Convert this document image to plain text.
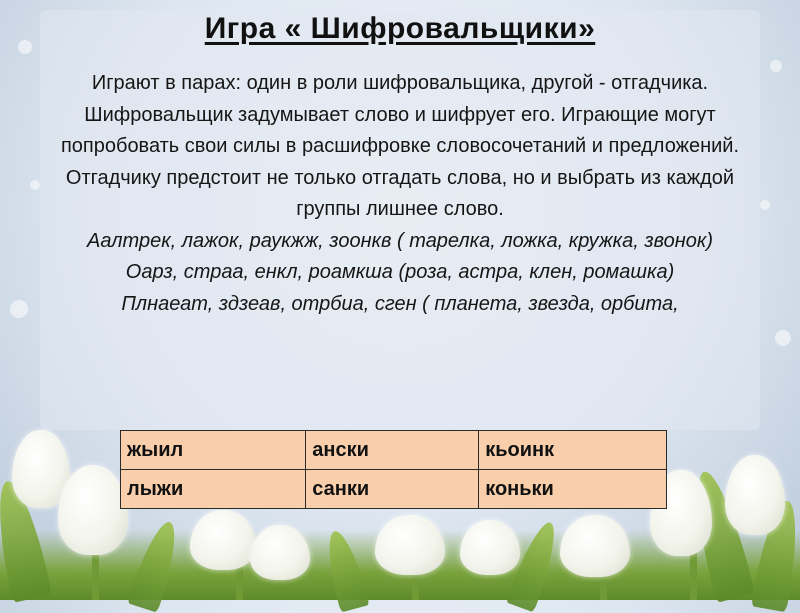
Игра « Шифровальщики»

Играют в парах: один в роли шифровальщика, другой - отгадчика.

Шифровальщик задумывает слово и шифрует его. Играющие могут попробовать свои силы в расшифровке словосочетаний и предложений.

Отгадчику предстоит не только отгадать слова, но и выбрать из каждой группы лишнее слово.

Аалтрек, лажок, раукжж, зоонкв ( тарелка, ложка, кружка, звонок)

Оарз, страа, енкл, роамкша (роза, астра, клен, ромашка)

Плнаеат, здзеав, отрбиа, сген ( планета, звезда, орбита,

жыил	ански	кьоинк
лыжи	санки	коньки
